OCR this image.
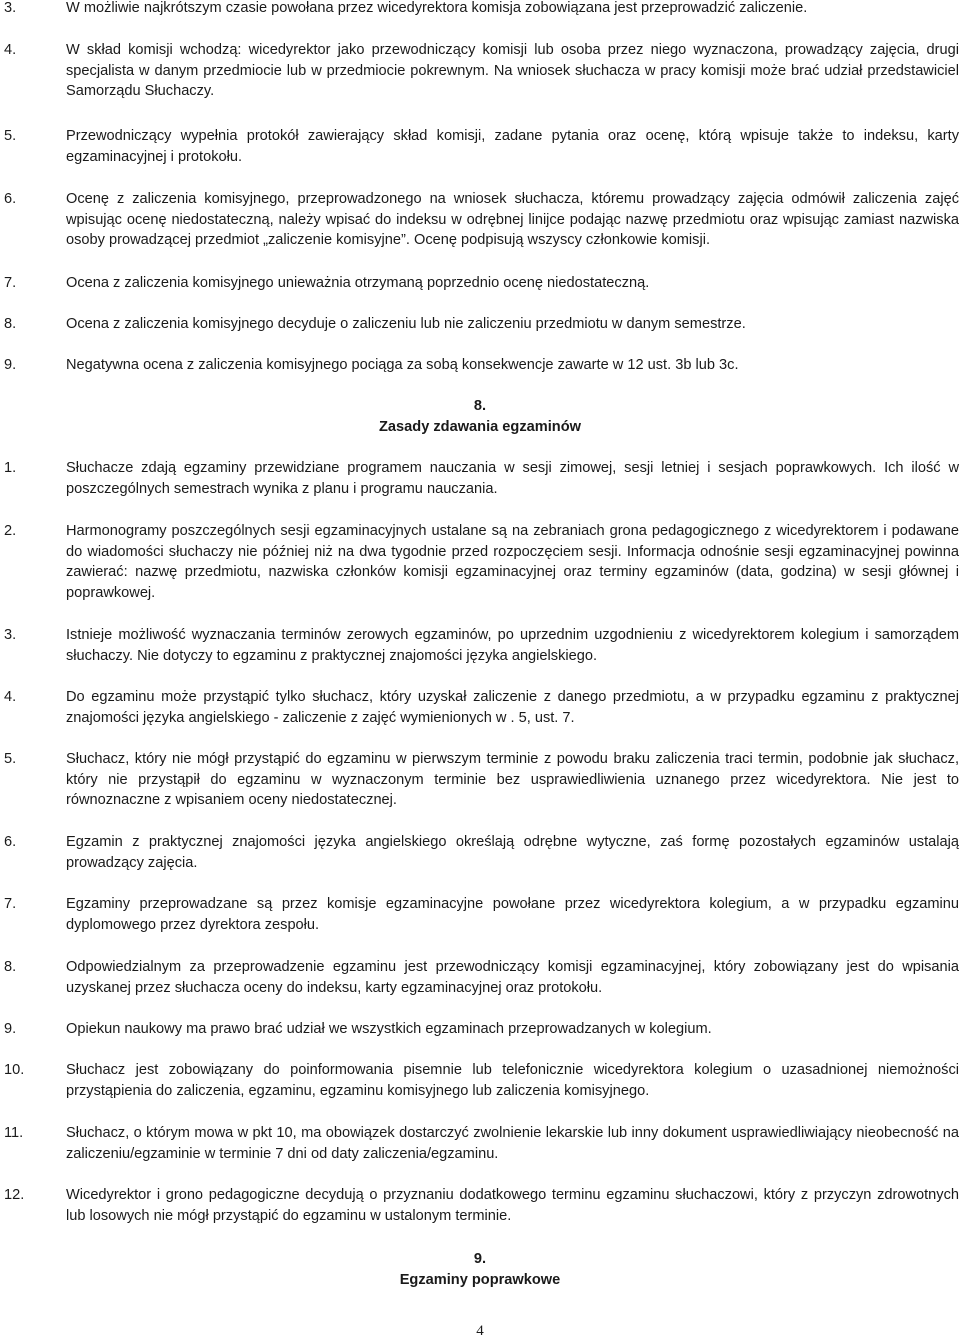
3.	W możliwie najkrótszym czasie powołana przez wicedyrektora komisja zobowiązana jest przeprowadzić zaliczenie.
4.	W skład komisji wchodzą: wicedyrektor jako przewodniczący komisji lub osoba przez niego wyznaczona, prowadzący zajęcia, drugi specjalista w danym przedmiocie lub w przedmiocie pokrewnym. Na wniosek słuchacza w pracy komisji może brać udział przedstawiciel Samorządu Słuchaczy.
5.	Przewodniczący wypełnia protokół zawierający skład komisji, zadane pytania oraz ocenę, którą wpisuje także to indeksu, karty egzaminacyjnej i protokołu.
6.	Ocenę z zaliczenia komisyjnego, przeprowadzonego na wniosek słuchacza, któremu prowadzący zajęcia odmówił zaliczenia zajęć wpisując ocenę niedostateczną, należy wpisać do indeksu w odrębnej linijce podając nazwę przedmiotu oraz wpisując zamiast nazwiska osoby prowadzącej przedmiot „zaliczenie komisyjne”. Ocenę podpisują wszyscy członkowie komisji.
7.	Ocena z zaliczenia komisyjnego unieważnia otrzymaną poprzednio ocenę niedostateczną.
8.	Ocena z zaliczenia komisyjnego decyduje o zaliczeniu lub nie zaliczeniu przedmiotu w danym semestrze.
9.	Negatywna ocena z zaliczenia komisyjnego pociąga za sobą konsekwencje zawarte w 12 ust. 3b lub 3c.
8.
Zasady zdawania egzaminów
1.	Słuchacze zdają egzaminy przewidziane programem nauczania w sesji zimowej, sesji letniej i sesjach poprawkowych. Ich ilość w poszczególnych semestrach wynika z planu i programu nauczania.
2.	Harmonogramy poszczególnych sesji egzaminacyjnych ustalane są na zebraniach grona pedagogicznego z wicedyrektorem i podawane do wiadomości słuchaczy nie później niż na dwa tygodnie przed rozpoczęciem sesji. Informacja odnośnie sesji egzaminacyjnej powinna zawierać: nazwę przedmiotu, nazwiska członków komisji egzaminacyjnej oraz terminy egzaminów (data, godzina) w sesji głównej i poprawkowej.
3.	Istnieje możliwość wyznaczania terminów zerowych egzaminów, po uprzednim uzgodnieniu z wicedyrektorem kolegium i samorządem słuchaczy. Nie dotyczy to egzaminu z praktycznej znajomości języka angielskiego.
4.	Do egzaminu może przystąpić tylko słuchacz, który uzyskał zaliczenie z danego przedmiotu, a w przypadku egzaminu z praktycznej znajomości języka angielskiego - zaliczenie z zajęć wymienionych w . 5, ust. 7.
5.	Słuchacz, który nie mógł przystąpić do egzaminu w pierwszym terminie z powodu braku zaliczenia traci termin, podobnie jak słuchacz, który nie przystąpił do egzaminu w wyznaczonym terminie bez usprawiedliwienia uznanego przez wicedyrektora. Nie jest to równoznaczne z wpisaniem oceny niedostatecznej.
6.	Egzamin z praktycznej znajomości języka angielskiego określają odrębne wytyczne, zaś formę pozostałych egzaminów ustalają prowadzący zajęcia.
7.	Egzaminy przeprowadzane są przez komisje egzaminacyjne powołane przez wicedyrektora kolegium, a w przypadku egzaminu dyplomowego przez dyrektora zespołu.
8.	Odpowiedzialnym za przeprowadzenie egzaminu jest przewodniczący komisji egzaminacyjnej, który zobowiązany jest do wpisania uzyskanej przez słuchacza oceny do indeksu, karty egzaminacyjnej oraz protokołu.
9.	Opiekun naukowy ma prawo brać udział we wszystkich egzaminach przeprowadzanych w kolegium.
10.	Słuchacz jest zobowiązany do poinformowania pisemnie lub telefonicznie wicedyrektora kolegium o uzasadnionej niemożności przystąpienia do zaliczenia, egzaminu, egzaminu komisyjnego lub zaliczenia komisyjnego.
11.	Słuchacz, o którym mowa w pkt 10, ma obowiązek dostarczyć zwolnienie lekarskie lub inny dokument usprawiedliwiający nieobecność na zaliczeniu/egzaminie w terminie 7 dni od daty zaliczenia/egzaminu.
12.	Wicedyrektor i grono pedagogiczne decydują o przyznaniu dodatkowego terminu egzaminu słuchaczowi, który z przyczyn zdrowotnych lub losowych nie mógł przystąpić do egzaminu w ustalonym terminie.
9.
Egzaminy poprawkowe
4
